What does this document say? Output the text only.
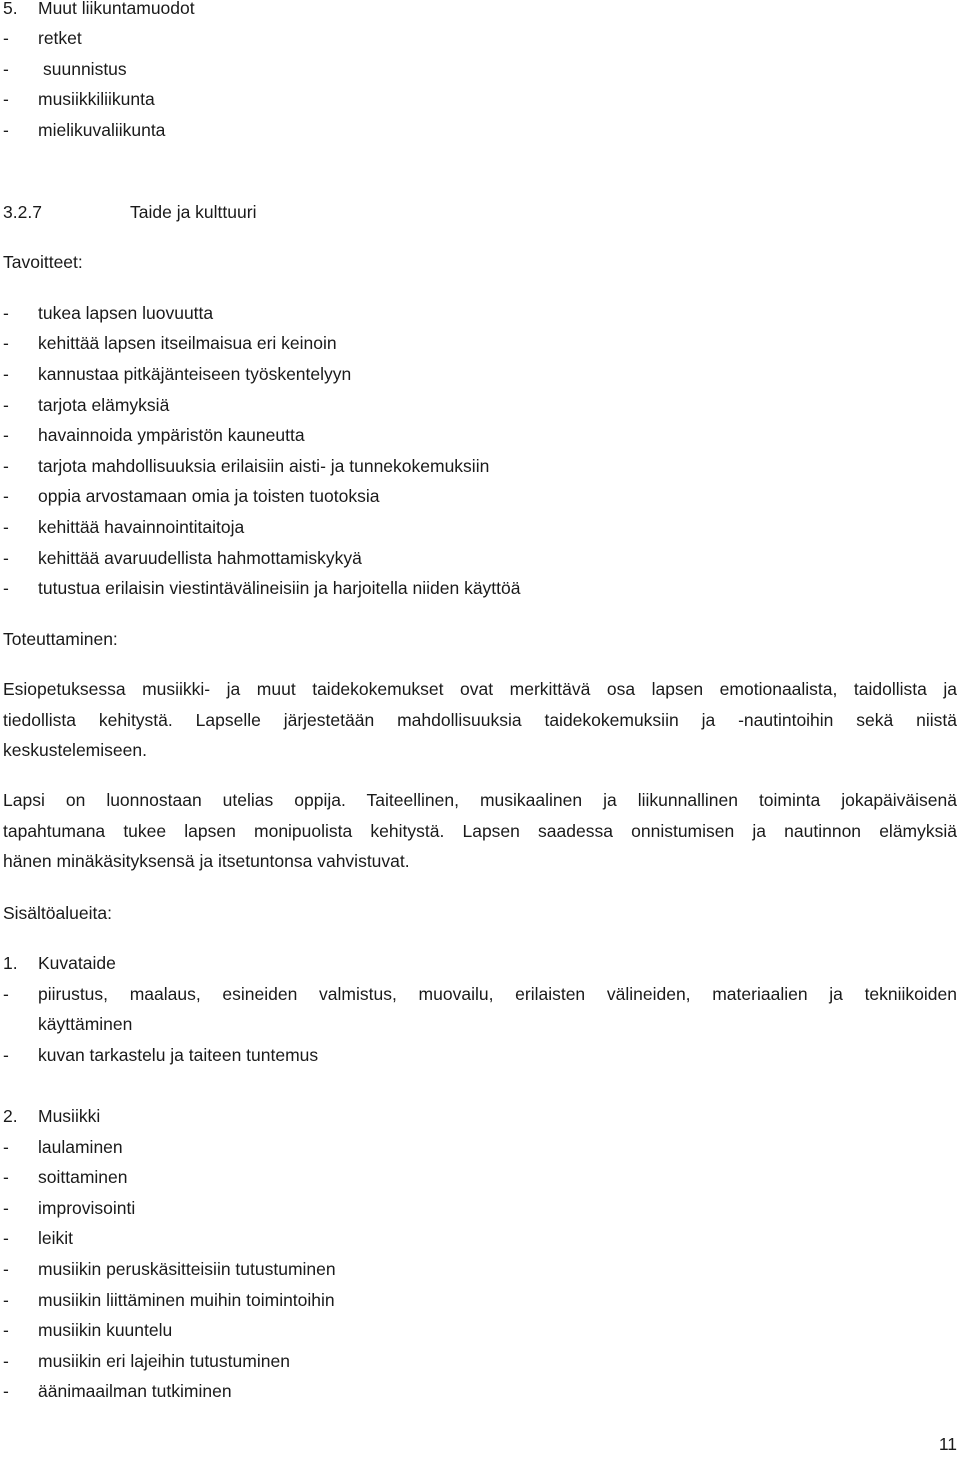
5. Muut liikuntamuodot
- retket
- suunnistus
- musiikkiliikunta
- mielikuvaliikunta
3.2.7	Taide ja kulttuuri
Tavoitteet:
- tukea lapsen luovuutta
- kehittää lapsen itseilmaisua eri keinoin
- kannustaa pitkäjänteiseen työskentelyyn
- tarjota elämyksiä
- havainnoida ympäristön kauneutta
- tarjota mahdollisuuksia erilaisiin aisti- ja tunnekokemuksiin
- oppia arvostamaan omia ja toisten tuotoksia
- kehittää havainnointitaitoja
- kehittää avaruudellista hahmottamiskykyä
- tutustua erilaisin viestintävälineisiin ja harjoitella niiden käyttöä
Toteuttaminen:
Esiopetuksessa musiikki- ja muut taidekokemukset ovat merkittävä osa lapsen emotionaalista, taidollista ja
tiedollista kehitystä. Lapselle järjestetään mahdollisuuksia taidekokemuksiin ja -nautintoihin sekä niistä
keskustelemiseen.
Lapsi on luonnostaan utelias oppija. Taiteellinen, musikaalinen ja liikunnallinen toiminta jokapäiväisenä
tapahtumana tukee lapsen monipuolista kehitystä. Lapsen saadessa onnistumisen ja nautinnon elämyksiä
hänen minäkäsityksensä ja itsetuntonsa vahvistuvat.
Sisältöalueita:
1. Kuvataide
- piirustus, maalaus, esineiden valmistus, muovailu, erilaisten välineiden, materiaalien ja tekniikoiden
käyttäminen
- kuvan tarkastelu ja taiteen tuntemus
2. Musiikki
- laulaminen
- soittaminen
- improvisointi
- leikit
- musiikin peruskäsitteisiin tutustuminen
- musiikin liittäminen muihin toimintoihin
- musiikin kuuntelu
- musiikin eri lajeihin tutustuminen
- äänimaailman tutkiminen
11
